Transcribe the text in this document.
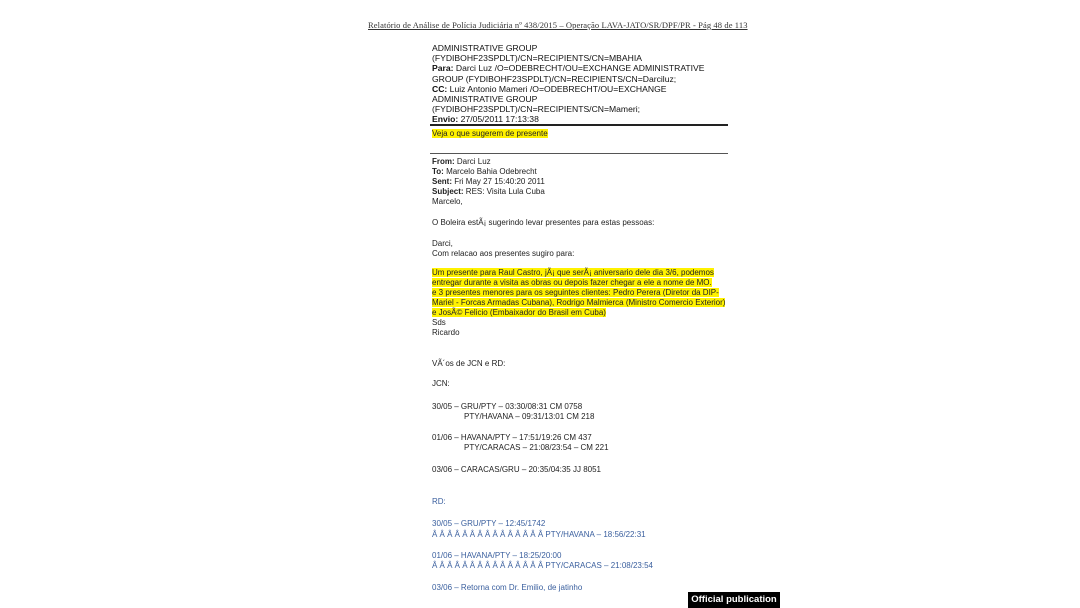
Relatório de Análise de Polícia Judiciária nº 438/2015 – Operação LAVA-JATO/SR/DPF/PR - Pág 48 de 113
ADMINISTRATIVE GROUP
(FYDIBOHF23SPDLT)/CN=RECIPIENTS/CN=MBAHIA
Para: Darci Luz /O=ODEBRECHT/OU=EXCHANGE ADMINISTRATIVE
GROUP (FYDIBOHF23SPDLT)/CN=RECIPIENTS/CN=Darciluz;
CC: Luiz Antonio Mameri /O=ODEBRECHT/OU=EXCHANGE
ADMINISTRATIVE GROUP
(FYDIBOHF23SPDLT)/CN=RECIPIENTS/CN=Mameri;
Envio: 27/05/2011 17:13:38
Veja o que sugerem de presente
From: Darci Luz
To: Marcelo Bahia Odebrecht
Sent: Fri May 27 15:40:20 2011
Subject: RES: Visita Lula Cuba
Marcelo,
O Boleira estÃ¡ sugerindo levar presentes para estas pessoas:
Darci,
Com relacao aos presentes sugiro para:
Um presente para Raul Castro, jÃ¡ que serÃ¡ aniversario dele dia 3/6, podemos
entregar durante a visita as obras ou depois fazer chegar a ele a nome de MO.
e 3 presentes menores para os seguintes clientes: Pedro Perera (Diretor da DIP-
Mariel - Forcas Armadas Cubana), Rodrigo Malmierca (Ministro Comercio Exterior)
e JosÃ© Felicio (Embaixador do Brasil em Cuba)
Sds
Ricardo
VÃ´os de JCN e RD:
JCN:
30/05 – GRU/PTY – 03:30/08:31 CM 0758
PTY/HAVANA – 09:31/13:01 CM 218
01/06 – HAVANA/PTY – 17:51/19:26 CM 437
PTY/CARACAS – 21:08/23:54 – CM 221
03/06 – CARACAS/GRU – 20:35/04:35 JJ 8051
RD:
30/05 – GRU/PTY – 12:45/1742
Â Â Â Â Â Â Â Â Â Â Â Â Â Â Â PTY/HAVANA – 18:56/22:31
01/06 – HAVANA/PTY – 18:25/20:00
Â Â Â Â Â Â Â Â Â Â Â Â Â Â Â PTY/CARACAS – 21:08/23:54
03/06 – Retorna com Dr. Emilio, de jatinho
Official publication
